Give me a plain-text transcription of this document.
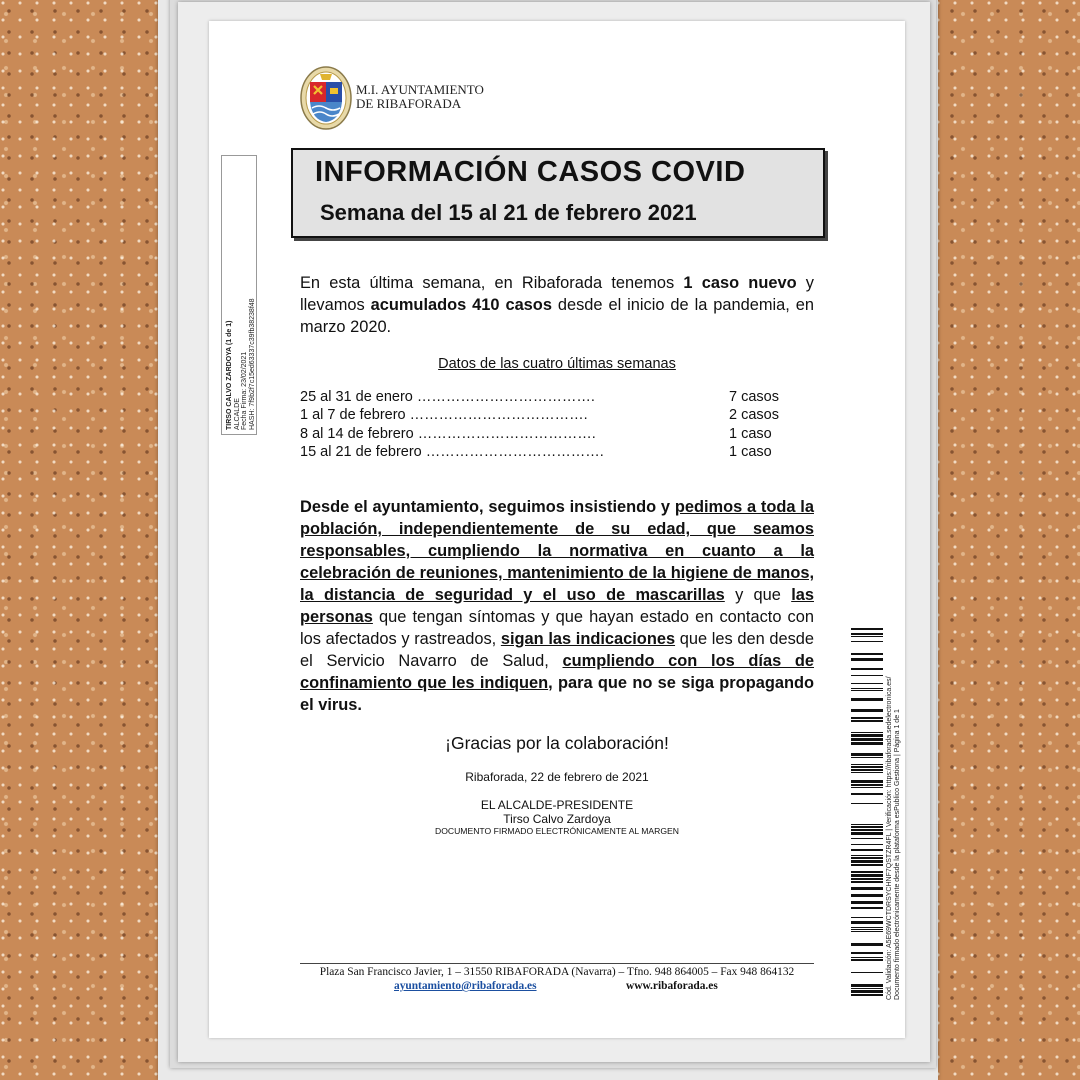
M.I. AYUNTAMIENTO
DE RIBAFORADA
TIRSO CALVO ZARDOYA (1 de 1) ALCALDE Fecha Firma: 23/02/2021 HASH: 7f9b2f7c15ed63337c39fb38238f48
INFORMACIÓN CASOS COVID
Semana del 15 al 21 de febrero 2021
En esta última semana, en Ribaforada tenemos 1 caso nuevo y llevamos acumulados 410 casos desde el inicio de la pandemia, en marzo 2020.
Datos de las cuatro últimas semanas
25 al 31 de enero ……………………………….	7 casos
1 al 7 de febrero ……………………………….	2 casos
8 al 14 de febrero ……………………………….	1 caso
15 al 21 de febrero ……………………………….	1 caso
Desde el ayuntamiento, seguimos insistiendo y pedimos a toda la población, independientemente de su edad, que seamos responsables, cumpliendo la normativa en cuanto a la celebración de reuniones, mantenimiento de la higiene de manos, la distancia de seguridad y el uso de mascarillas y que las personas que tengan síntomas y que hayan estado en contacto con los afectados y rastreados, sigan las indicaciones que les den desde el Servicio Navarro de Salud, cumpliendo con los días de confinamiento que les indiquen, para que no se siga propagando el virus.
¡Gracias por la colaboración!
Ribaforada, 22 de febrero de 2021
EL ALCALDE-PRESIDENTE
Tirso Calvo Zardoya
DOCUMENTO FIRMADO ELECTRÓNICAMENTE AL MARGEN
Plaza San Francisco Javier, 1 – 31550 RIBAFORADA (Navarra) – Tfno. 948 864005 – Fax 948 864132
ayuntamiento@ribaforada.es	www.ribaforada.es	Cód. Validación: A5E69WCTDRSYCHNF7QSTZR4FL | Verificación: https://ribaforada.sedelectronica.es/ Documento firmado electrónicamente desde la plataforma esPublico Gestiona | Página 1 de 1
